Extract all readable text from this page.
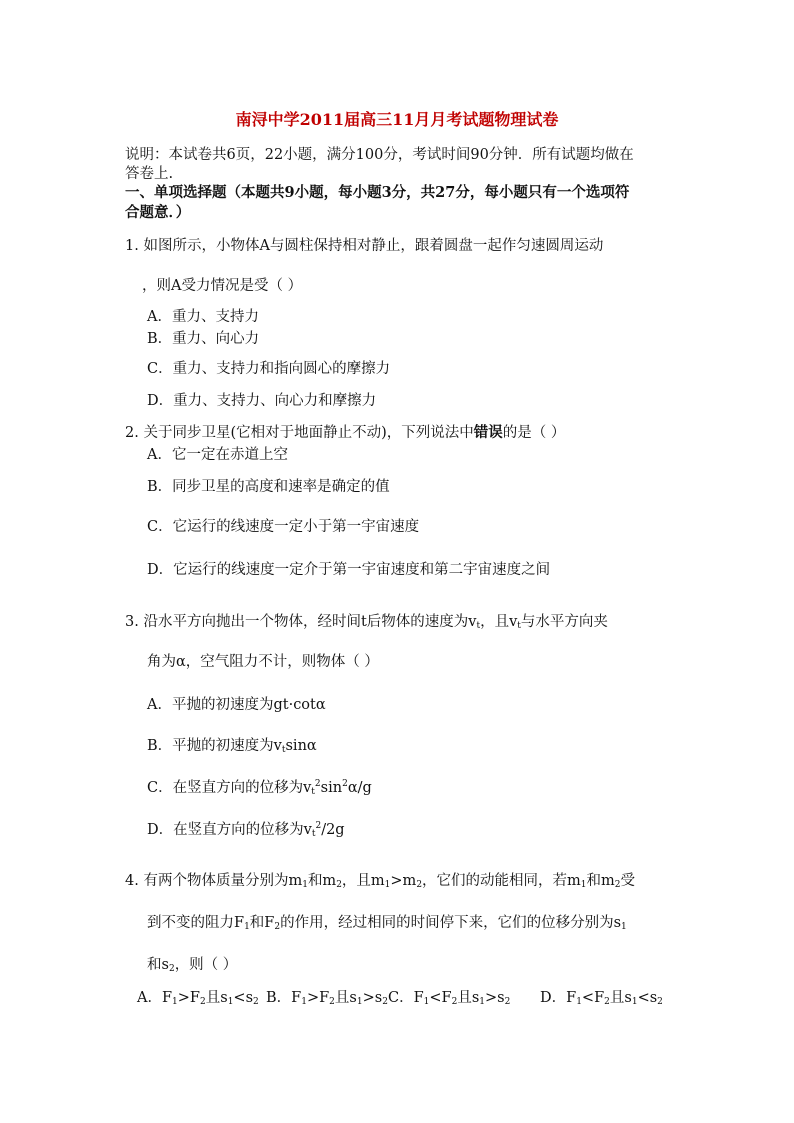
南浔中学2011届高三11月月考试题物理试卷
说明：本试卷共6页，22小题，满分100分，考试时间90分钟．所有试题均做在
答卷上.
一、单项选择题（本题共9小题，每小题3分，共27分，每小题只有一个选项符
合题意．）
1. 如图所示，小物体A与圆柱保持相对静止，跟着圆盘一起作匀速圆周运动
，则A受力情况是受（ ）
A．重力、支持力
B．重力、向心力
C．重力、支持力和指向圆心的摩擦力
D．重力、支持力、向心力和摩擦力
2. 关于同步卫星(它相对于地面静止不动)，下列说法中错误的是（ ）
A．它一定在赤道上空
B．同步卫星的高度和速率是确定的值
C．它运行的线速度一定小于第一宇宙速度
D．它运行的线速度一定介于第一宇宙速度和第二宇宙速度之间
3. 沿水平方向抛出一个物体，经时间t后物体的速度为$v_t$，且$v_t$与水平方向夹
角为α，空气阻力不计，则物体（ ）
A．平抛的初速度为gt·cotα
B．平抛的初速度为$v_t\sin\alpha$
C．在竖直方向的位移为$v_t^2\sin^2\alpha/g$
D．在竖直方向的位移为$v_t^2/2g$
4. 有两个物体质量分别为$m_1$和$m_2$，且$m_1>m_2$，它们的动能相同，若$m_1$和$m_2$受
到不变的阻力$F_1$和$F_2$的作用，经过相同的时间停下来，它们的位移分别为$s_1$
和$s_2$，则（ ）
A．$F_1>F_2$且$s_1<s_2$ B．$F_1>F_2$且$s_1>s_2$ C．$F_1<F_2$且$s_1>s_2$ D．$F_1<F_2$且$s_1<s_2$
